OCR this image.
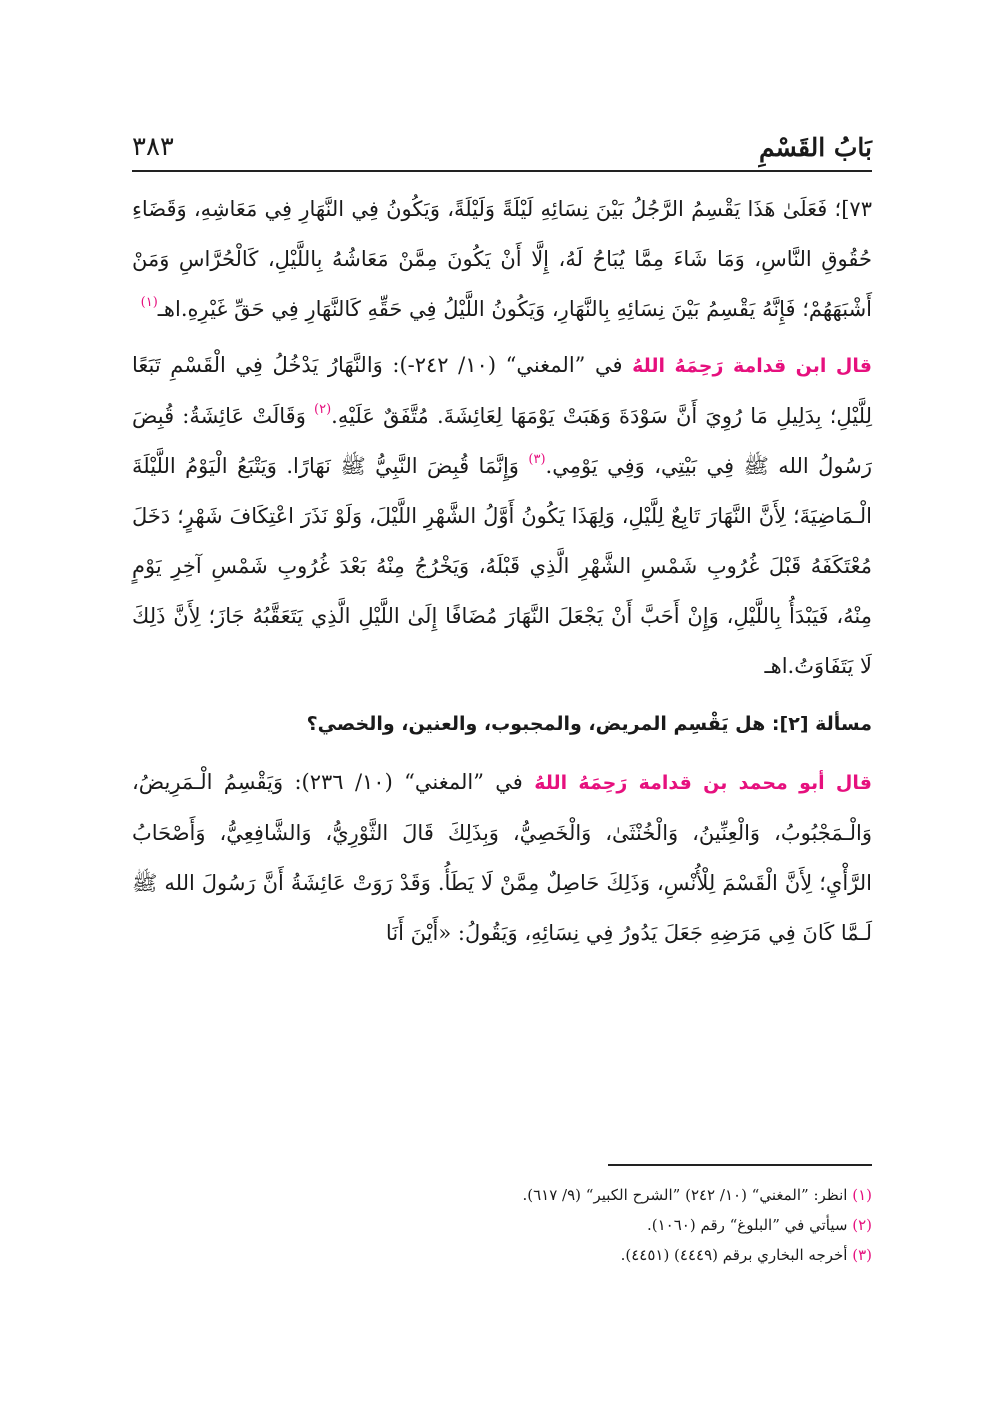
بَابُ القَسْمِ
٣٨٣

٧٣]؛ فَعَلَىٰ هَذَا يَقْسِمُ الرَّجُلُ بَيْنَ نِسَائِهِ لَيْلَةً وَلَيْلَةً، وَيَكُونُ فِي النَّهَارِ فِي مَعَاشِهِ، وَقَضَاءِ حُقُوقِ النَّاسِ، وَمَا شَاءَ مِمَّا يُبَاحُ لَهُ، إِلَّا أَنْ يَكُونَ مِمَّنْ مَعَاشُهُ بِاللَّيْلِ، كَالْحُرَّاسِ وَمَنْ أَشْبَهَهُمْ؛ فَإِنَّهُ يَقْسِمُ بَيْنَ نِسَائِهِ بِالنَّهَارِ، وَيَكُونُ اللَّيْلُ فِي حَقِّهِ كَالنَّهَارِ فِي حَقِّ غَيْرِهِ.اهـ$^{(١)}$

قال ابن قدامة رَحِمَهُ اللهُ في ”المغني“ (١٠/ ٢٤٢-): وَالنَّهَارُ يَدْخُلُ فِي الْقَسْمِ تَبَعًا لِلَّيْلِ؛ بِدَلِيلِ مَا رُوِيَ أَنَّ سَوْدَةَ وَهَبَتْ يَوْمَهَا لِعَائِشَةَ. مُتَّفَقٌ عَلَيْهِ.$^{(٢)}$ وَقَالَتْ عَائِشَةُ: قُبِضَ رَسُولُ الله ﷺ فِي بَيْتِي، وَفِي يَوْمِي.$^{(٣)}$ وَإِنَّمَا قُبِضَ النَّبِيُّ ﷺ نَهَارًا. وَيَتْبَعُ الْيَوْمُ اللَّيْلَةَ الْـمَاضِيَةَ؛ لِأَنَّ النَّهَارَ تَابِعٌ لِلَّيْلِ، وَلِهَذَا يَكُونُ أَوَّلُ الشَّهْرِ اللَّيْلَ، وَلَوْ نَذَرَ اعْتِكَافَ شَهْرٍ؛ دَخَلَ مُعْتَكَفَهُ قَبْلَ غُرُوبِ شَمْسِ الشَّهْرِ الَّذِي قَبْلَهُ، وَيَخْرُجُ مِنْهُ بَعْدَ غُرُوبِ شَمْسِ آخِرِ يَوْمٍ مِنْهُ، فَيَبْدَأُ بِاللَّيْلِ، وَإِنْ أَحَبَّ أَنْ يَجْعَلَ النَّهَارَ مُضَافًا إِلَىٰ اللَّيْلِ الَّذِي يَتَعَقَّبُهُ جَازَ؛ لِأَنَّ ذَلِكَ لَا يَتَفَاوَتُ.اهـ

مسألة [٢]: هل يَقْسِم المريض، والمجبوب، والعنين، والخصي؟

قال أبو محمد بن قدامة رَحِمَهُ اللهُ في ”المغني“ (١٠/ ٢٣٦): وَيَقْسِمُ الْـمَرِيضُ، وَالْـمَجْبُوبُ، وَالْعِنِّينُ، وَالْخُنْثَىٰ، وَالْخَصِيُّ، وَبِذَلِكَ قَالَ الثَّوْرِيُّ، وَالشَّافِعِيُّ، وَأَصْحَابُ الرَّأْيِ؛ لِأَنَّ الْقَسْمَ لِلْأُنْسِ، وَذَلِكَ حَاصِلٌ مِمَّنْ لَا يَطَأُ. وَقَدْ رَوَتْ عَائِشَةُ أَنَّ رَسُولَ الله ﷺ لَـمَّا كَانَ فِي مَرَضِهِ جَعَلَ يَدُورُ فِي نِسَائِهِ، وَيَقُولُ: «أَيْنَ أَنَا

(١) انظر: ”المغني“ (١٠/ ٢٤٢) ”الشرح الكبير“ (٩/ ٦١٧).
(٢) سيأتي في ”البلوغ“ رقم (١٠٦٠).
(٣) أخرجه البخاري برقم (٤٤٤٩) (٤٤٥١).
